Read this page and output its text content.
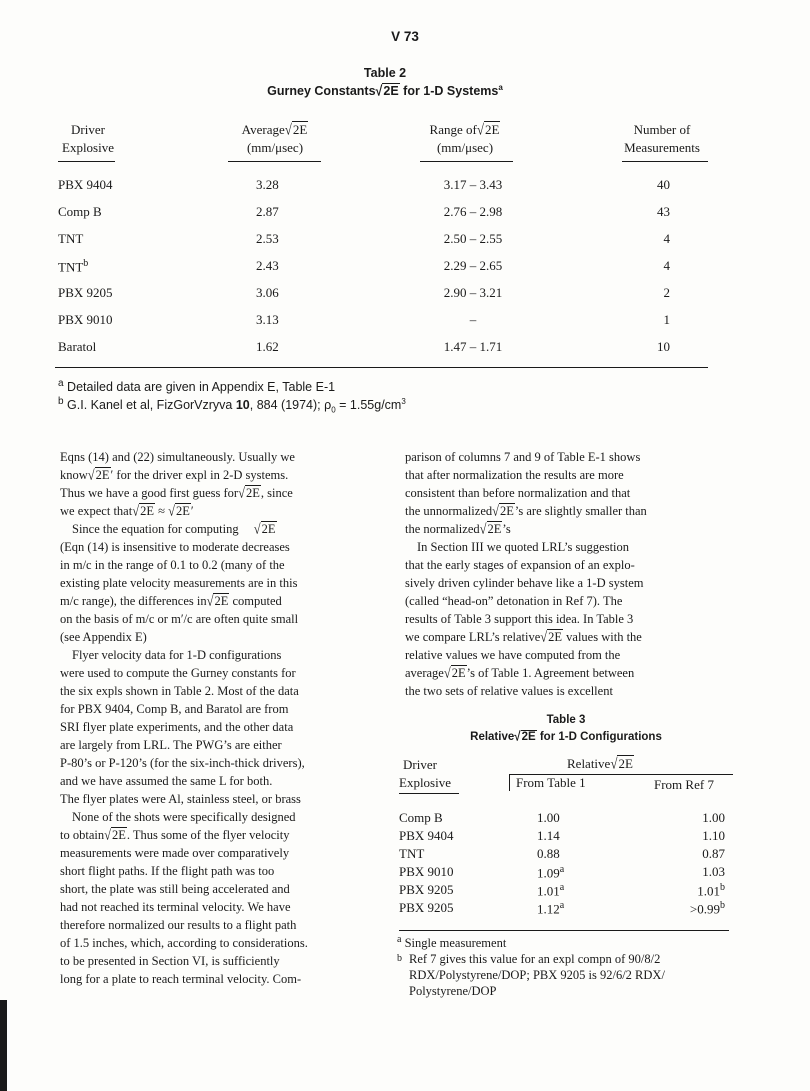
V 73
Table 2
Gurney Constants√2E for 1-D Systems$^a$
Driver
Explosive
Average√2E
(mm/μsec)
Range of√2E
(mm/μsec)
Number of
Measurements
PBX 9404	3.28	3.17 – 3.43	40
Comp B	2.87	2.76 – 2.98	43
TNT	2.53	2.50 – 2.55	4
TNT$^b$	2.43	2.29 – 2.65	4
PBX 9205	3.06	2.90 – 3.21	2
PBX 9010	3.13	–	1
Baratol	1.62	1.47 – 1.71	10
$^a$ Detailed data are given in Appendix E, Table E-1
$^b$ G.I. Kanel et al, FizGorVzryva 10, 884 (1974); $\rho_0 = 1.55g/cm^3$

Eqns (14) and (22) simultaneously. Usually we

know√2E′ for the driver expl in 2-D systems.

Thus we have a good first guess for√2E, since

we expect that√2E ≈ √2E′

Since the equation for computing √2E

(Eqn (14) is insensitive to moderate decreases

in m/c in the range of 0.1 to 0.2 (many of the

existing plate velocity measurements are in this

m/c range), the differences in√2E computed

on the basis of m/c or m′/c are often quite small

(see Appendix E)

Flyer velocity data for 1-D configurations

were used to compute the Gurney constants for

the six expls shown in Table 2. Most of the data

for PBX 9404, Comp B, and Baratol are from

SRI flyer plate experiments, and the other data

are largely from LRL. The PWG’s are either

P-80’s or P-120’s (for the six-inch-thick drivers),

and we have assumed the same L for both.

The flyer plates were Al, stainless steel, or brass

None of the shots were specifically designed

to obtain√2E. Thus some of the flyer velocity

measurements were made over comparatively

short flight paths. If the flight path was too

short, the plate was still being accelerated and

had not reached its terminal velocity. We have

therefore normalized our results to a flight path

of 1.5 inches, which, according to considerations.

to be presented in Section VI, is sufficiently

long for a plate to reach terminal velocity. Com-

parison of columns 7 and 9 of Table E-1 shows

that after normalization the results are more

consistent than before normalization and that

the unnormalized√2E’s are slightly smaller than

the normalized√2E’s

In Section III we quoted LRL’s suggestion

that the early stages of expansion of an explo-

sively driven cylinder behave like a 1-D system

(called “head-on” detonation in Ref 7). The

results of Table 3 support this idea. In Table 3

we compare LRL’s relative√2E values with the

relative values we have computed from the

average√2E’s of Table 1. Agreement between

the two sets of relative values is excellent

Table 3
Relative√2E for 1-D Configurations
Driver
Explosive
Relative√2E
From Table 1	From Ref 7
Comp B	1.00	1.00
PBX 9404	1.14	1.10
TNT	0.88	0.87
PBX 9010	1.09$^a$	1.03
PBX 9205	1.01$^a$	1.01$^b$
PBX 9205	1.12$^a$	>0.99$^b$
$^a$ Single measurement
b Ref 7 gives this value for an expl compn of 90/8/2
RDX/Polystyrene/DOP; PBX 9205 is 92/6/2 RDX/
Polystyrene/DOP
